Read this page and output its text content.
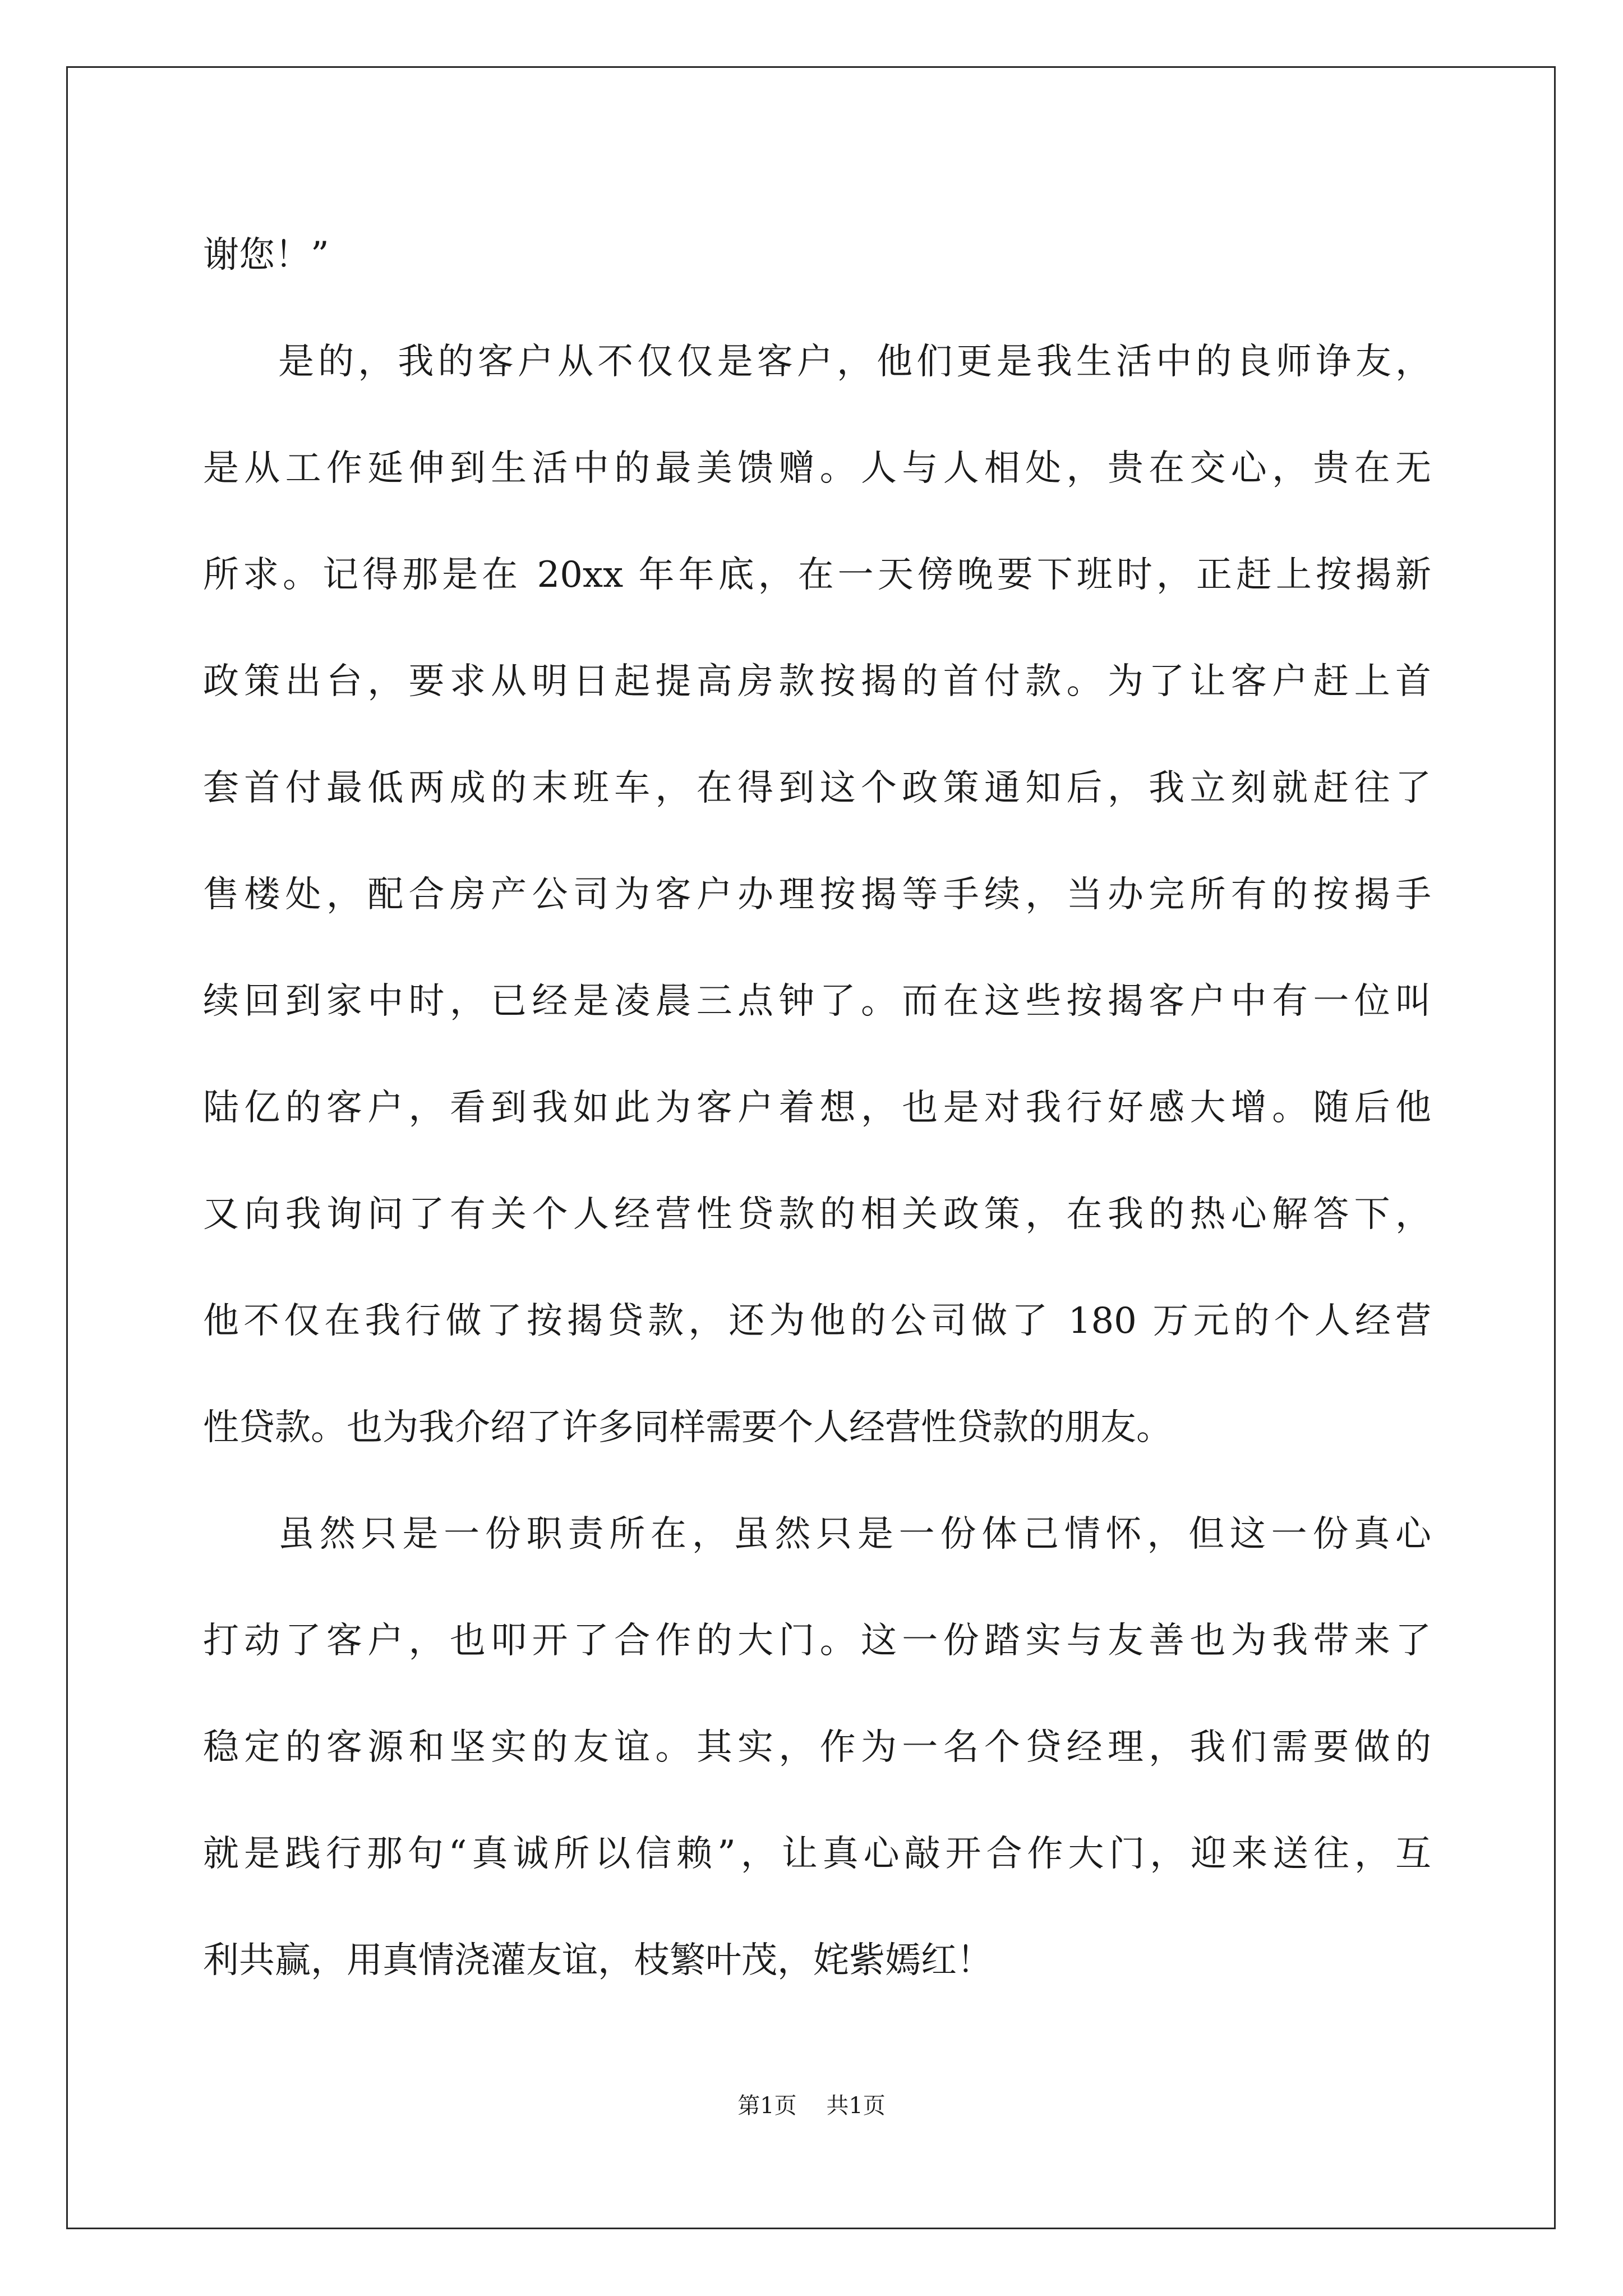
谢您！”
是的，我的客户从不仅仅是客户，他们更是我生活中的良师诤友，
是从工作延伸到生活中的最美馈赠。人与人相处，贵在交心，贵在无
所求。记得那是在 20xx 年年底，在一天傍晚要下班时，正赶上按揭新
政策出台，要求从明日起提高房款按揭的首付款。为了让客户赶上首
套首付最低两成的末班车，在得到这个政策通知后，我立刻就赶往了
售楼处，配合房产公司为客户办理按揭等手续，当办完所有的按揭手
续回到家中时，已经是凌晨三点钟了。而在这些按揭客户中有一位叫
陆亿的客户，看到我如此为客户着想，也是对我行好感大增。随后他
又向我询问了有关个人经营性贷款的相关政策，在我的热心解答下，
他不仅在我行做了按揭贷款，还为他的公司做了 180 万元的个人经营
性贷款。也为我介绍了许多同样需要个人经营性贷款的朋友。
虽然只是一份职责所在，虽然只是一份体己情怀，但这一份真心
打动了客户，也叩开了合作的大门。这一份踏实与友善也为我带来了
稳定的客源和坚实的友谊。其实，作为一名个贷经理，我们需要做的
就是践行那句“真诚所以信赖”，让真心敲开合作大门，迎来送往，互
利共赢，用真情浇灌友谊，枝繁叶茂，姹紫嫣红！
第1页 共1页
